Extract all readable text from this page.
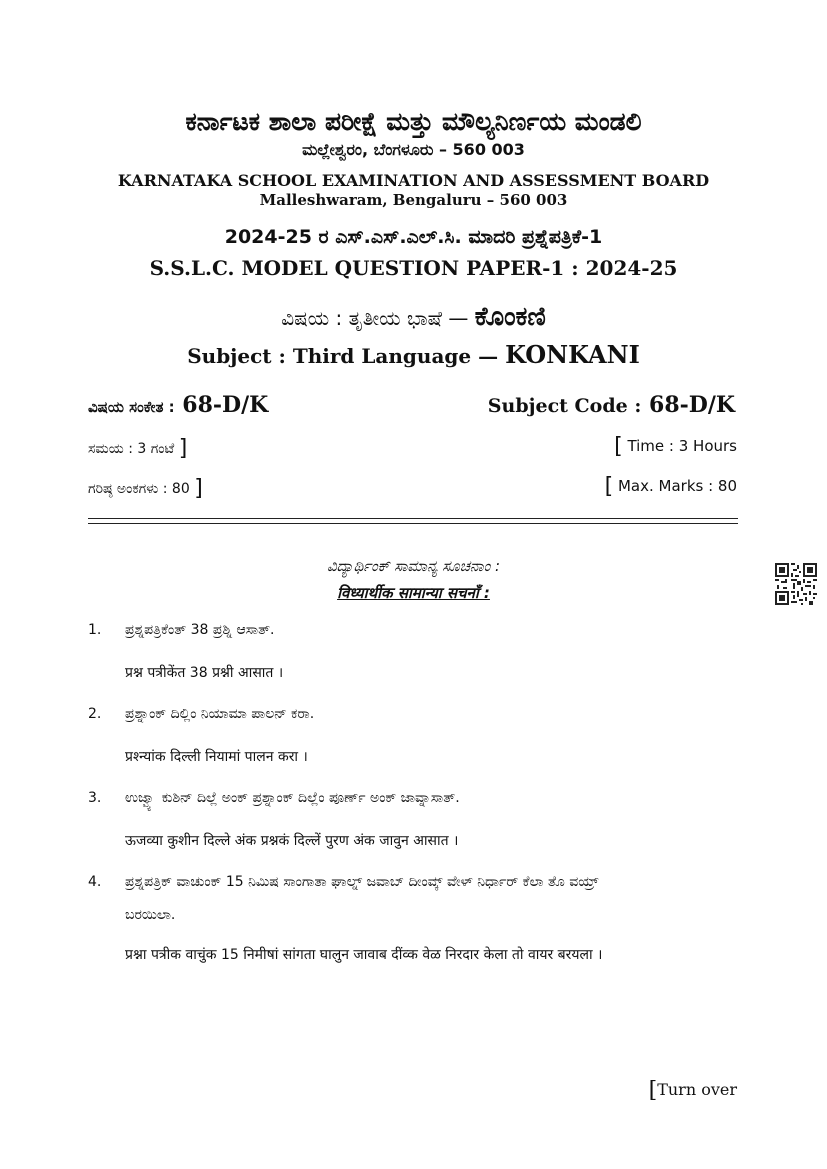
ಕರ್ನಾಟಕ ಶಾಲಾ ಪರೀಕ್ಷೆ ಮತ್ತು ಮೌಲ್ಯನಿರ್ಣಯ ಮಂಡಲಿ
ಮಲ್ಲೇಶ್ವರಂ, ಬೆಂಗಳೂರು – 560 003
KARNATAKA SCHOOL EXAMINATION AND ASSESSMENT BOARD
Malleshwaram, Bengaluru – 560 003
2024-25 ರ ಎಸ್.ಎಸ್.ಎಲ್.ಸಿ. ಮಾದರಿ ಪ್ರಶ್ನೆಪತ್ರಿಕೆ-1
S.S.L.C. MODEL QUESTION PAPER-1 : 2024-25
ವಿಷಯ : ತೃತೀಯ ಭಾಷೆ — ಕೊಂಕಣಿ
Subject : Third Language — KONKANI
ವಿಷಯ ಸಂಕೇತ : 68-D/K	Subject Code : 68-D/K
ಸಮಯ : 3 ಗಂಟೆ ]	[ Time : 3 Hours
ಗರಿಷ್ಠ ಅಂಕಗಳು : 80 ]	[ Max. Marks : 80
ವಿದ್ಯಾರ್ಥಿಂಕ್ ಸಾಮಾನ್ಯ ಸೂಚನಾಂ :
विध्यार्थीक सामान्या सचनाँ :
1. ಪ್ರಶ್ನಪತ್ರಿಕೆಂತ್ 38 ಪ್ರಶ್ನಿ ಆಸಾತ್.
प्रश्न पत्रीकेंत 38 प्रश्नी आसात ।
2. ಪ್ರಶ್ನಾಂಕ್ ದಿಲ್ಲಿಂ ನಿಯಾಮಾ ಪಾಲನ್ ಕರಾ.
प्रश्न्यांक दिल्ली नियामां पालन करा ।
3. ಉಜ್ವ್ಯಾ ಕುಶಿನ್ ದಿಲ್ಲೆ ಅಂಕ್ ಪ್ರಶ್ನಾಂಕ್ ದಿಲ್ಲೆಂ ಪೂರ್ಣ್ ಅಂಕ್ ಜಾವ್ನಾಸಾತ್.
ऊजव्या कुशीन दिल्ले अंक प्रश्नकं दिल्लें पुरण अंक जावुन आसात ।
4. ಪ್ರಶ್ನಪತ್ರಿಕ್ ವಾಚುಂಕ್ 15 ನಿಮಿಷ ಸಾಂಗಾತಾ ಘಾಲ್ನ್ ಜವಾಬ್ ದೀಂವ್ಕ್ ವೇಳ್ ನಿರ್ಧಾರ್ ಕೆಲಾ ತೊ ವಯ್ರ್
ಬರಯಿಲಾ.
प्रश्ना पत्रीक वाचुंक 15 निमीषां सांगता घालुन जावाब दींव्क वेळ निरदार केला तो वायर बरयला ।
[Turn over
